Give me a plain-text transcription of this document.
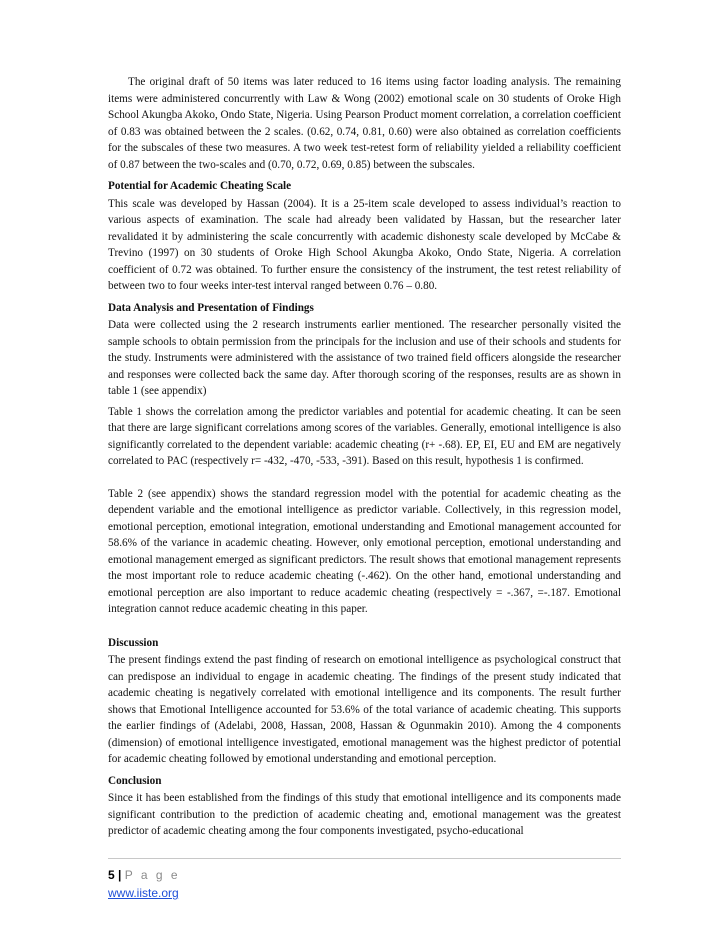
The original draft of 50 items was later reduced to 16 items using factor loading analysis. The remaining items were administered concurrently with Law & Wong (2002) emotional scale on 30 students of Oroke High School Akungba Akoko, Ondo State, Nigeria. Using Pearson Product moment correlation, a correlation coefficient of 0.83 was obtained between the 2 scales. (0.62, 0.74, 0.81, 0.60) were also obtained as correlation coefficients for the subscales of these two measures. A two week test-retest form of reliability yielded a reliability coefficient of 0.87 between the two-scales and (0.70, 0.72, 0.69, 0.85) between the subscales.

Potential for Academic Cheating Scale

This scale was developed by Hassan (2004). It is a 25-item scale developed to assess individual’s reaction to various aspects of examination. The scale had already been validated by Hassan, but the researcher later revalidated it by administering the scale concurrently with academic dishonesty scale developed by McCabe & Trevino (1997) on 30 students of Oroke High School Akungba Akoko, Ondo State, Nigeria. A correlation coefficient of 0.72 was obtained. To further ensure the consistency of the instrument, the test retest reliability of between two to four weeks inter-test interval ranged between 0.76 – 0.80.

Data Analysis and Presentation of Findings

Data were collected using the 2 research instruments earlier mentioned. The researcher personally visited the sample schools to obtain permission from the principals for the inclusion and use of their schools and students for the study. Instruments were administered with the assistance of two trained field officers alongside the researcher and responses were collected back the same day. After thorough scoring of the responses, results are as shown in table 1 (see appendix)

Table 1 shows the correlation among the predictor variables and potential for academic cheating. It can be seen that there are large significant correlations among scores of the variables. Generally, emotional intelligence is also significantly correlated to the dependent variable: academic cheating (r+ -.68). EP, EI, EU and EM are negatively correlated to PAC (respectively r= -432, -470, -533, -391). Based on this result, hypothesis 1 is confirmed.

Table 2 (see appendix) shows the standard regression model with the potential for academic cheating as the dependent variable and the emotional intelligence as predictor variable. Collectively, in this regression model, emotional perception, emotional integration, emotional understanding and Emotional management accounted for 58.6% of the variance in academic cheating. However, only emotional perception, emotional understanding and emotional management emerged as significant predictors. The result shows that emotional management represents the most important role to reduce academic cheating (-.462). On the other hand, emotional understanding and emotional perception are also important to reduce academic cheating (respectively = -.367, =-.187. Emotional integration cannot reduce academic cheating in this paper.

Discussion

The present findings extend the past finding of research on emotional intelligence as psychological construct that can predispose an individual to engage in academic cheating. The findings of the present study indicated that academic cheating is negatively correlated with emotional intelligence and its components. The result further shows that Emotional Intelligence accounted for 53.6% of the total variance of academic cheating. This supports the earlier findings of (Adelabi, 2008, Hassan, 2008, Hassan & Ogunmakin 2010). Among the 4 components (dimension) of emotional intelligence investigated, emotional management was the highest predictor of potential for academic cheating followed by emotional understanding and emotional perception.

Conclusion

Since it has been established from the findings of this study that emotional intelligence and its components made significant contribution to the prediction of academic cheating and, emotional management was the greatest predictor of academic cheating among the four components investigated, psycho-educational

5 | P a g e
www.iiste.org
